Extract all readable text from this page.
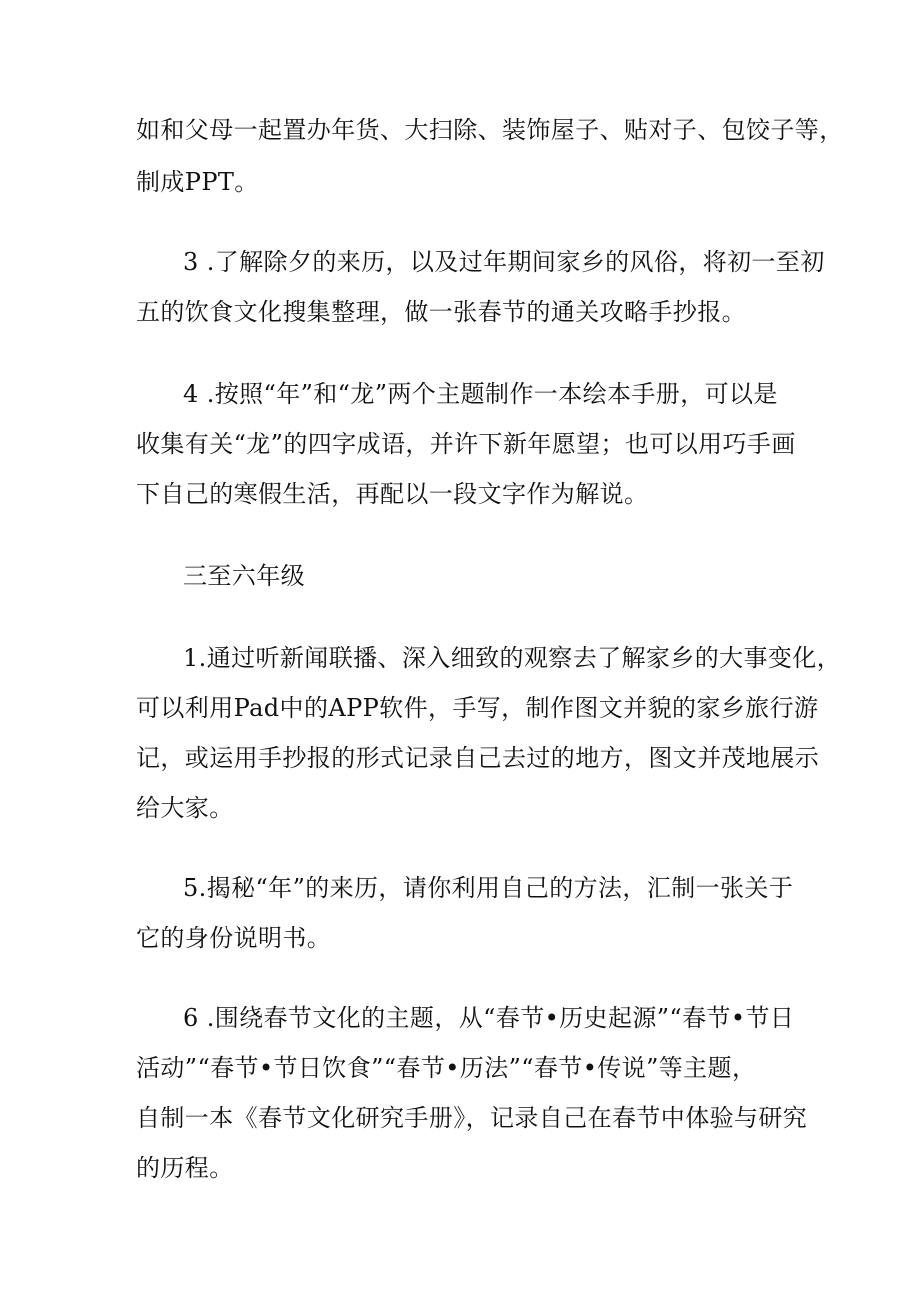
如和父母一起置办年货、大扫除、装饰屋子、贴对子、包饺子等，
制成PPT。
3 .了解除夕的来历，以及过年期间家乡的风俗，将初一至初
五的饮食文化搜集整理，做一张春节的通关攻略手抄报。
4 .按照“年”和“龙”两个主题制作一本绘本手册，可以是
收集有关“龙”的四字成语，并许下新年愿望；也可以用巧手画
下自己的寒假生活，再配以一段文字作为解说。
三至六年级
1.通过听新闻联播、深入细致的观察去了解家乡的大事变化，
可以利用Pad中的APP软件，手写，制作图文并貌的家乡旅行游
记，或运用手抄报的形式记录自己去过的地方，图文并茂地展示
给大家。
5.揭秘“年”的来历，请你利用自己的方法，汇制一张关于
它的身份说明书。
6 .围绕春节文化的主题，从“春节•历史起源”“春节•节日
活动”“春节•节日饮食”“春节•历法”“春节•传说”等主题，
自制一本《春节文化研究手册》，记录自己在春节中体验与研究
的历程。
